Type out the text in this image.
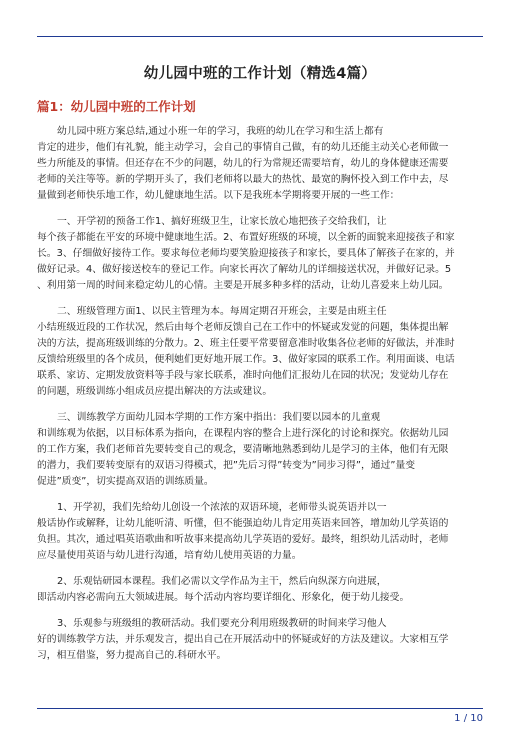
幼儿园中班的工作计划（精选4篇）
篇1：幼儿园中班的工作计划

幼儿园中班方案总结,通过小班一年的学习，我班的幼儿在学习和生活上都有
肯定的进步，他们有礼貌，能主动学习，会自己的事情自己做，有的幼儿还能主动关心老师做一
些力所能及的事情。但还存在不少的问题，幼儿的行为常规还需要培育，幼儿的身体健康还需要
老师的关注等等。新的学期开头了，我们老师将以最大的热忱、最宽的胸怀投入到工作中去，尽
量做到老师快乐地工作，幼儿健康地生活。以下是我班本学期将要开展的一些工作：

一、开学初的预备工作1、搞好班级卫生，让家长放心地把孩子交给我们，让
每个孩子都能在平安的环境中健康地生活。2、布置好班级的环境，以全新的面貌来迎接孩子和家
长。3、仔细做好接待工作。要求每位老师均要笑脸迎接孩子和家长，要具体了解孩子在家的，并
做好记录。4、做好接送校车的登记工作。向家长再次了解幼儿的详细接送状况，并做好记录。5
、利用第一周的时间来稳定幼儿的心情。主要是开展多种多样的活动，让幼儿喜爱来上幼儿园。

二、班级管理方面1、以民主管理为本。每周定期召开班会，主要是由班主任
小结班级近段的工作状况，然后由每个老师反馈自己在工作中的怀疑或发觉的问题，集体提出解
决的方法，提高班级训练的分散力。2、班主任要平常要留意准时收集各位老师的好做法，并准时
反馈给班级里的各个成员，便利她们更好地开展工作。3、做好家园的联系工作。利用面谈、电话
联系、家访、定期发放资料等手段与家长联系，准时向他们汇报幼儿在园的状况；发觉幼儿存在
的问题，班级训练小组成员应提出解决的方法或建议。

三、训练教学方面幼儿园本学期的工作方案中指出：我们要以园本的儿童观
和训练观为依据，以目标体系为指向，在课程内容的整合上进行深化的讨论和探究。依据幼儿园
的工作方案，我们老师首先要转变自己的观念，要清晰地熟悉到幼儿是学习的主体，他们有无限
的潜力，我们要转变原有的双语习得模式，把”先后习得”转变为”同步习得”，通过”量变
促进”质变”，切实提高双语的训练质量。

1、开学初，我们先给幼儿创设一个浓浓的双语环境，老师带头说英语并以一
般话协作或解释，让幼儿能听清、听懂，但不能强迫幼儿肯定用英语来回答，增加幼儿学英语的
负担。其次，通过唱英语歌曲和听故事来提高幼儿学英语的爱好。最终，组织幼儿活动时，老师
应尽量使用英语与幼儿进行沟通，培育幼儿使用英语的力量。

2、乐观钻研园本课程。我们必需以文学作品为主干，然后向纵深方向进展，
即活动内容必需向五大领域进展。每个活动内容均要详细化、形象化，便于幼儿接受。

3、乐观参与班级组的教研活动。我们要充分利用班级教研的时间来学习他人
好的训练教学方法，并乐观发言，提出自己在开展活动中的怀疑或好的方法及建议。大家相互学
习，相互借鉴，努力提高自己的.科研水平。

1 / 10
